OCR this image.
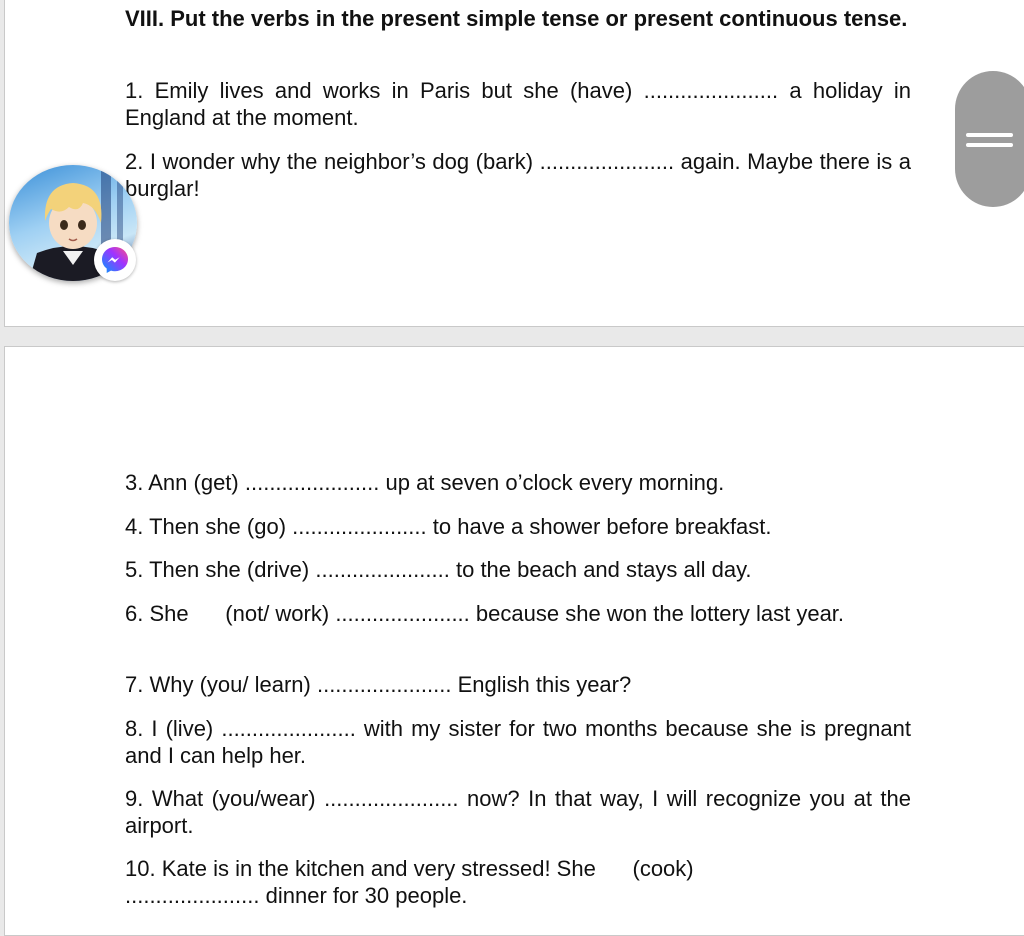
VIII. Put the verbs in the present simple tense or present continuous tense.

1. Emily lives and works in Paris but she (have) ...................... a holiday in England at the moment.

2. I wonder why the neighbor’s dog (bark) ...................... again. Maybe there is a burglar!

3. Ann (get) ...................... up at seven o’clock every morning.

4. Then she (go) ...................... to have a shower before breakfast.

5. Then she (drive) ...................... to the beach and stays all day.

6. She      (not/ work) ...................... because she won the lottery last year.

7. Why (you/ learn) ...................... English this year?

8. I (live) ...................... with my sister for two months because she is pregnant and I can help her.

9. What (you/wear) ...................... now? In that way, I will recognize you at the airport.

10. Kate is in the kitchen and very stressed! She      (cook)
...................... dinner for 30 people.
